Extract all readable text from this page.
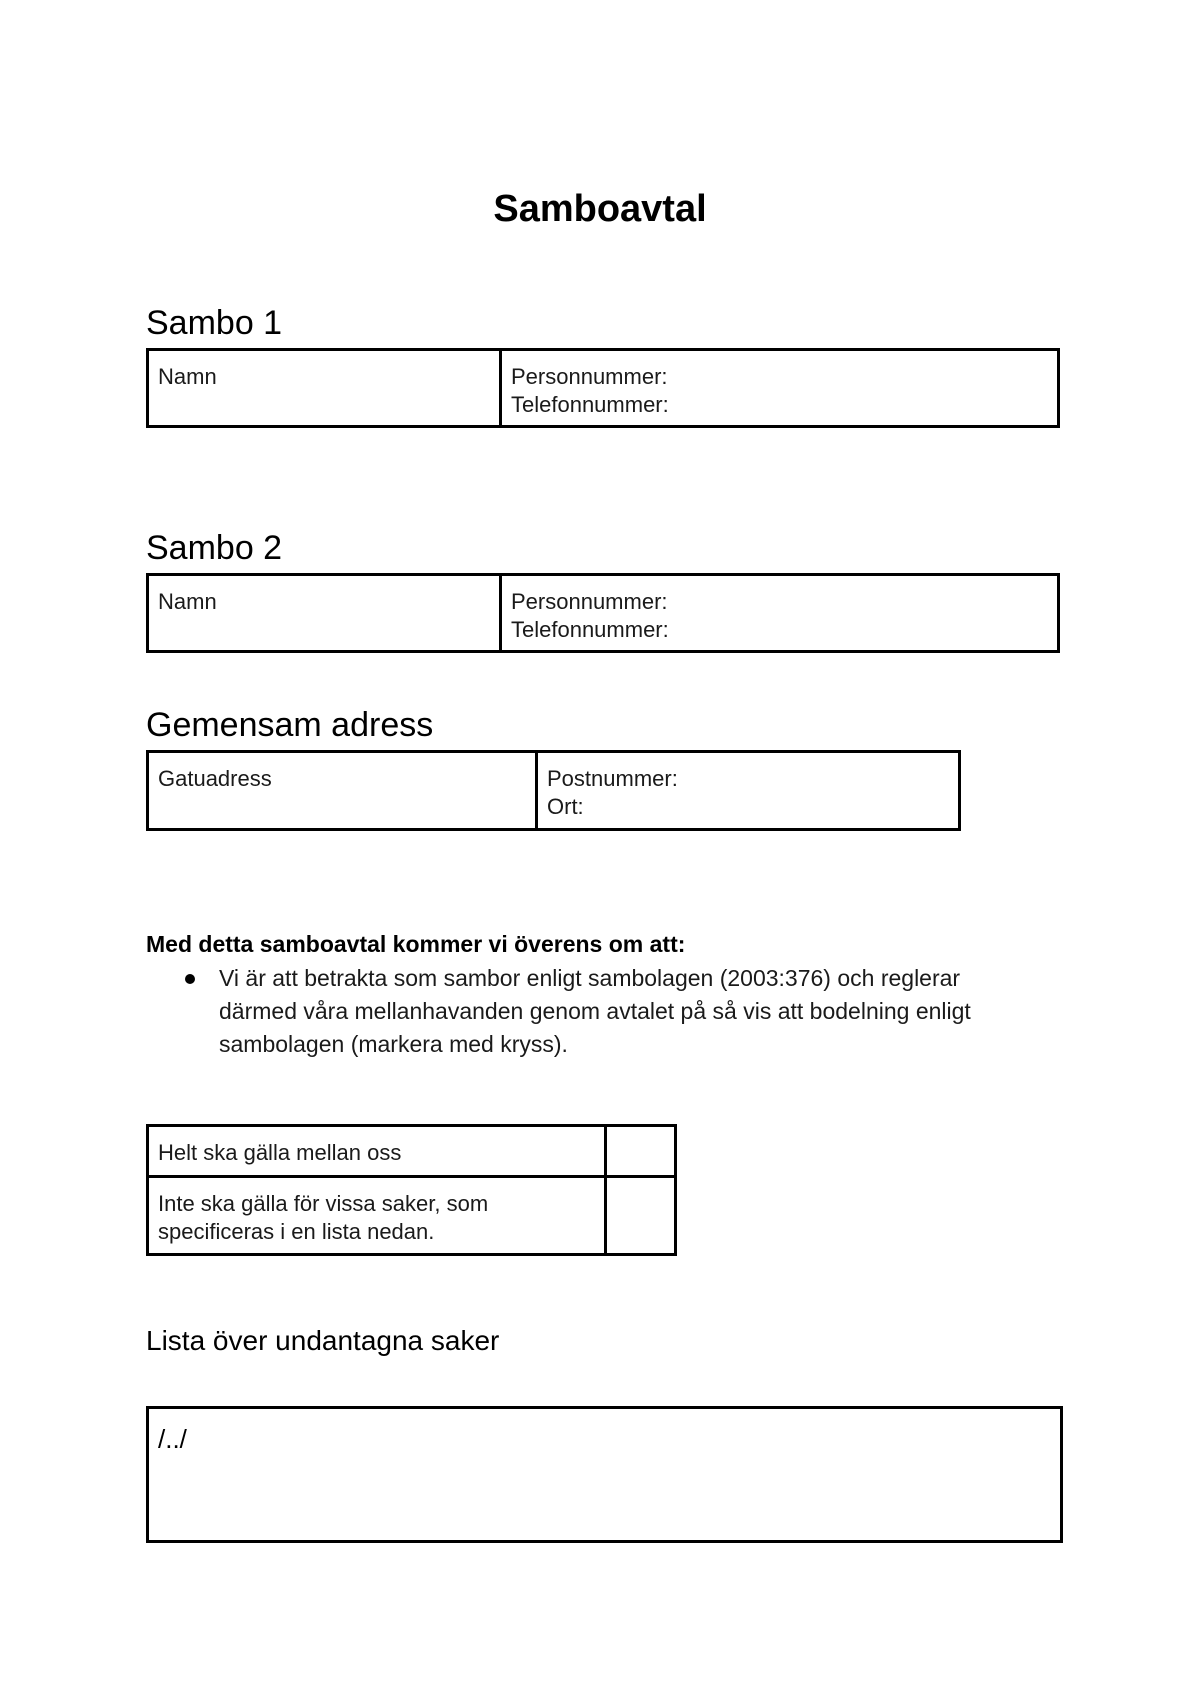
Samboavtal
Sambo 1
Namn	Personnummer:
Telefonnummer:
Sambo 2
Namn	Personnummer:
Telefonnummer:
Gemensam adress
Gatuadress	Postnummer:
Ort:
Med detta samboavtal kommer vi överens om att:
Vi är att betrakta som sambor enligt sambolagen (2003:376) och reglerar
därmed våra mellanhavanden genom avtalet på så vis att bodelning enligt
sambolagen (markera med kryss).
Helt ska gälla mellan oss
Inte ska gälla för vissa saker, som
specificeras i en lista nedan.
Lista över undantagna saker
/../
